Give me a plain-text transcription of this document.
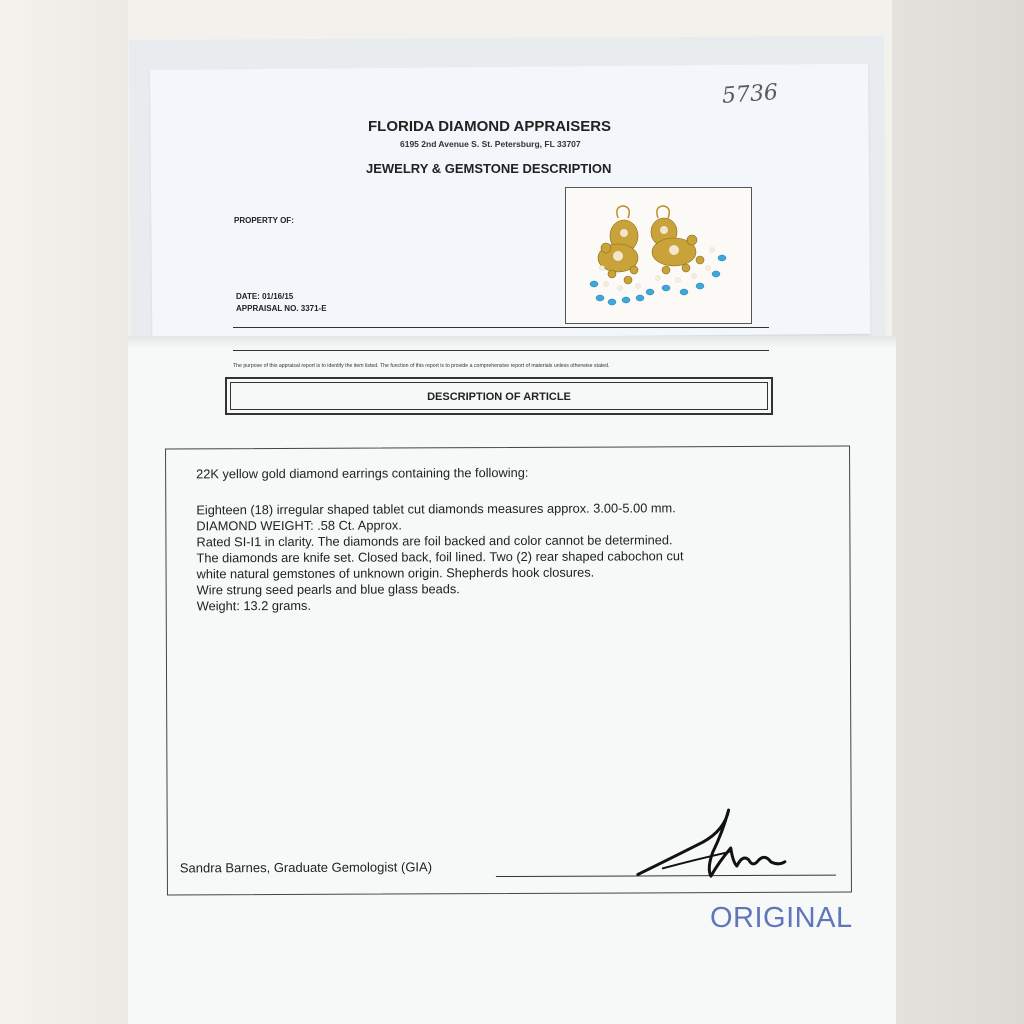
5736
FLORIDA DIAMOND APPRAISERS
6195 2nd Avenue S. St. Petersburg, FL 33707
JEWELRY & GEMSTONE DESCRIPTION
PROPERTY OF:
DATE: 01/16/15
APPRAISAL NO. 3371-E
The purpose of this appraisal report is to identify the item listed. The function of this report is to provide a comprehensive report of materials unless otherwise stated.
DESCRIPTION OF ARTICLE
22K yellow gold diamond earrings containing the following:
Eighteen (18) irregular shaped tablet cut diamonds measures approx. 3.00-5.00 mm.
DIAMOND WEIGHT: .58 Ct. Approx.
Rated SI-I1 in clarity. The diamonds are foil backed and color cannot be determined.
The diamonds are knife set. Closed back, foil lined. Two (2) rear shaped cabochon cut
white natural gemstones of unknown origin. Shepherds hook closures.
Wire strung seed pearls and blue glass beads.
Weight: 13.2 grams.
Sandra Barnes, Graduate Gemologist (GIA)
ORIGINAL
